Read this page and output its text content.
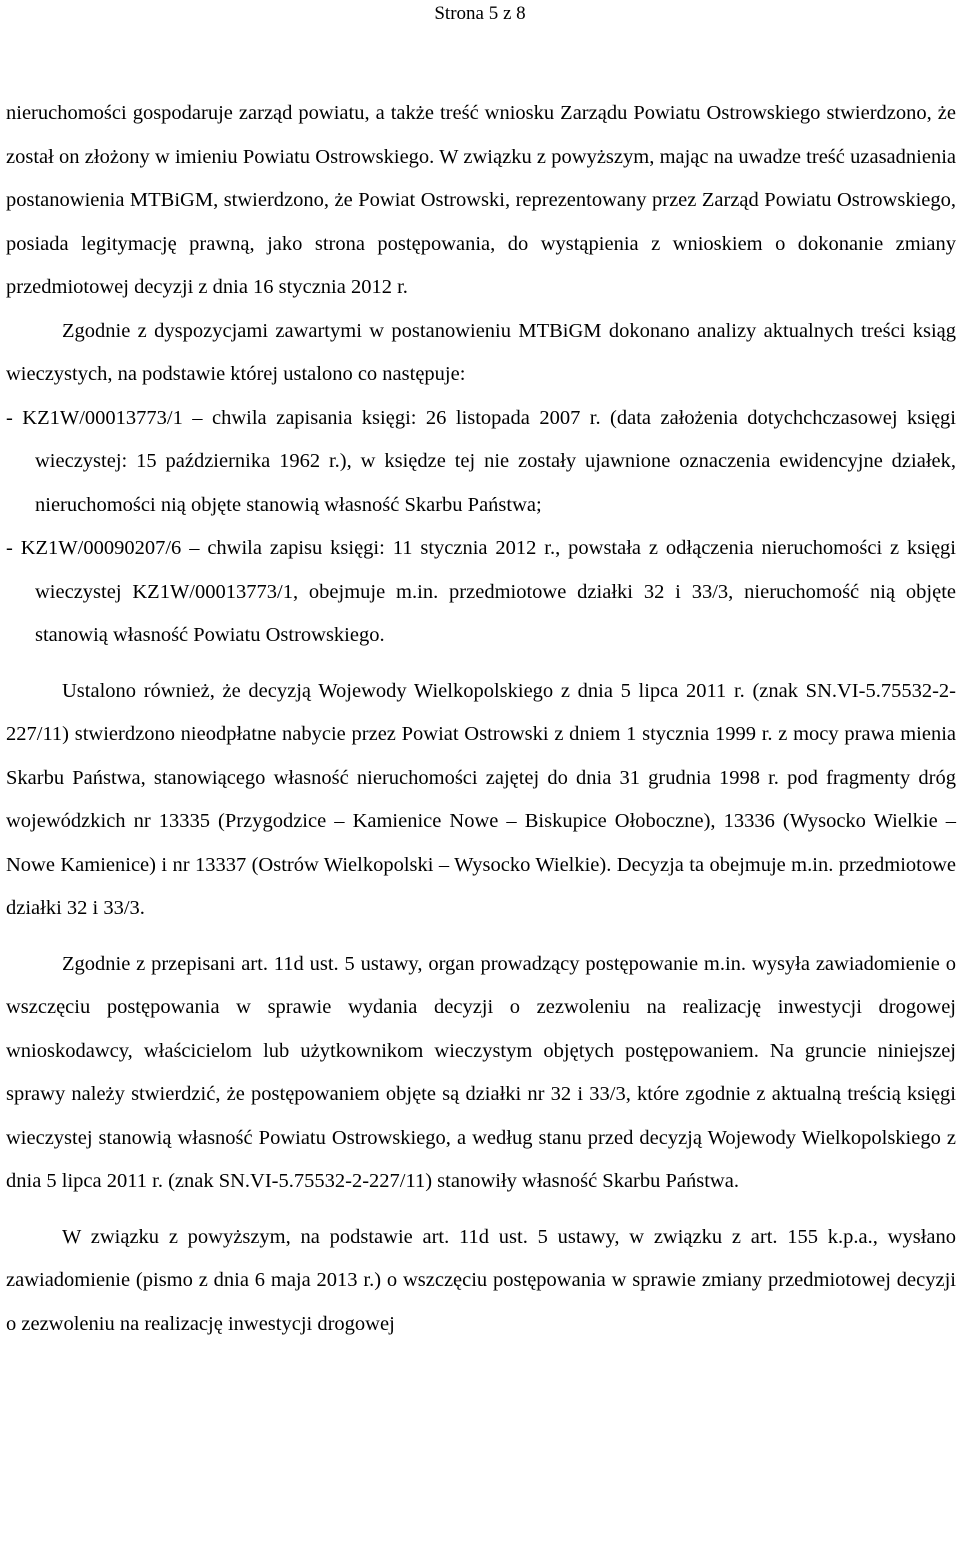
Strona 5 z 8

nieruchomości gospodaruje zarząd powiatu, a także treść wniosku Zarządu Powiatu Ostrowskiego stwierdzono, że został on złożony w imieniu Powiatu Ostrowskiego. W związku z powyższym, mając na uwadze treść uzasadnienia postanowienia MTBiGM, stwierdzono, że Powiat Ostrowski, reprezentowany przez Zarząd Powiatu Ostrowskiego, posiada legitymację prawną, jako strona postępowania, do wystąpienia z wnioskiem o dokonanie zmiany przedmiotowej decyzji z dnia 16 stycznia 2012 r.

Zgodnie z dyspozycjami zawartymi w postanowieniu MTBiGM dokonano analizy aktualnych treści ksiąg wieczystych, na podstawie której ustalono co następuje:

- KZ1W/00013773/1 – chwila zapisania księgi: 26 listopada 2007 r. (data założenia dotychchczasowej księgi wieczystej: 15 października 1962 r.), w księdze tej nie zostały ujawnione oznaczenia ewidencyjne działek, nieruchomości nią objęte stanowią własność Skarbu Państwa;

- KZ1W/00090207/6 – chwila zapisu księgi: 11 stycznia 2012 r., powstała z odłączenia nieruchomości z księgi wieczystej KZ1W/00013773/1, obejmuje m.in. przedmiotowe działki 32 i 33/3, nieruchomość nią objęte stanowią własność Powiatu Ostrowskiego.

Ustalono również, że decyzją Wojewody Wielkopolskiego z dnia 5 lipca 2011 r. (znak SN.VI-5.75532-2-227/11) stwierdzono nieodpłatne nabycie przez Powiat Ostrowski z dniem 1 stycznia 1999 r. z mocy prawa mienia Skarbu Państwa, stanowiącego własność nieruchomości zajętej do dnia 31 grudnia 1998 r. pod fragmenty dróg wojewódzkich nr 13335 (Przygodzice – Kamienice Nowe – Biskupice Ołoboczne), 13336 (Wysocko Wielkie – Nowe Kamienice) i nr 13337 (Ostrów Wielkopolski – Wysocko Wielkie). Decyzja ta obejmuje m.in. przedmiotowe działki 32 i 33/3.

Zgodnie z przepisani art. 11d ust. 5 ustawy, organ prowadzący postępowanie m.in. wysyła zawiadomienie o wszczęciu postępowania w sprawie wydania decyzji o zezwoleniu na realizację inwestycji drogowej wnioskodawcy, właścicielom lub użytkownikom wieczystym objętych postępowaniem. Na gruncie niniejszej sprawy należy stwierdzić, że postępowaniem objęte są działki nr 32 i 33/3, które zgodnie z aktualną treścią księgi wieczystej stanowią własność Powiatu Ostrowskiego, a według stanu przed decyzją Wojewody Wielkopolskiego z dnia 5 lipca 2011 r. (znak SN.VI-5.75532-2-227/11) stanowiły własność Skarbu Państwa.

W związku z powyższym, na podstawie art. 11d ust. 5 ustawy, w związku z art. 155 k.p.a., wysłano zawiadomienie (pismo z dnia 6 maja 2013 r.) o wszczęciu postępowania w sprawie zmiany przedmiotowej decyzji o zezwoleniu na realizację inwestycji drogowej
